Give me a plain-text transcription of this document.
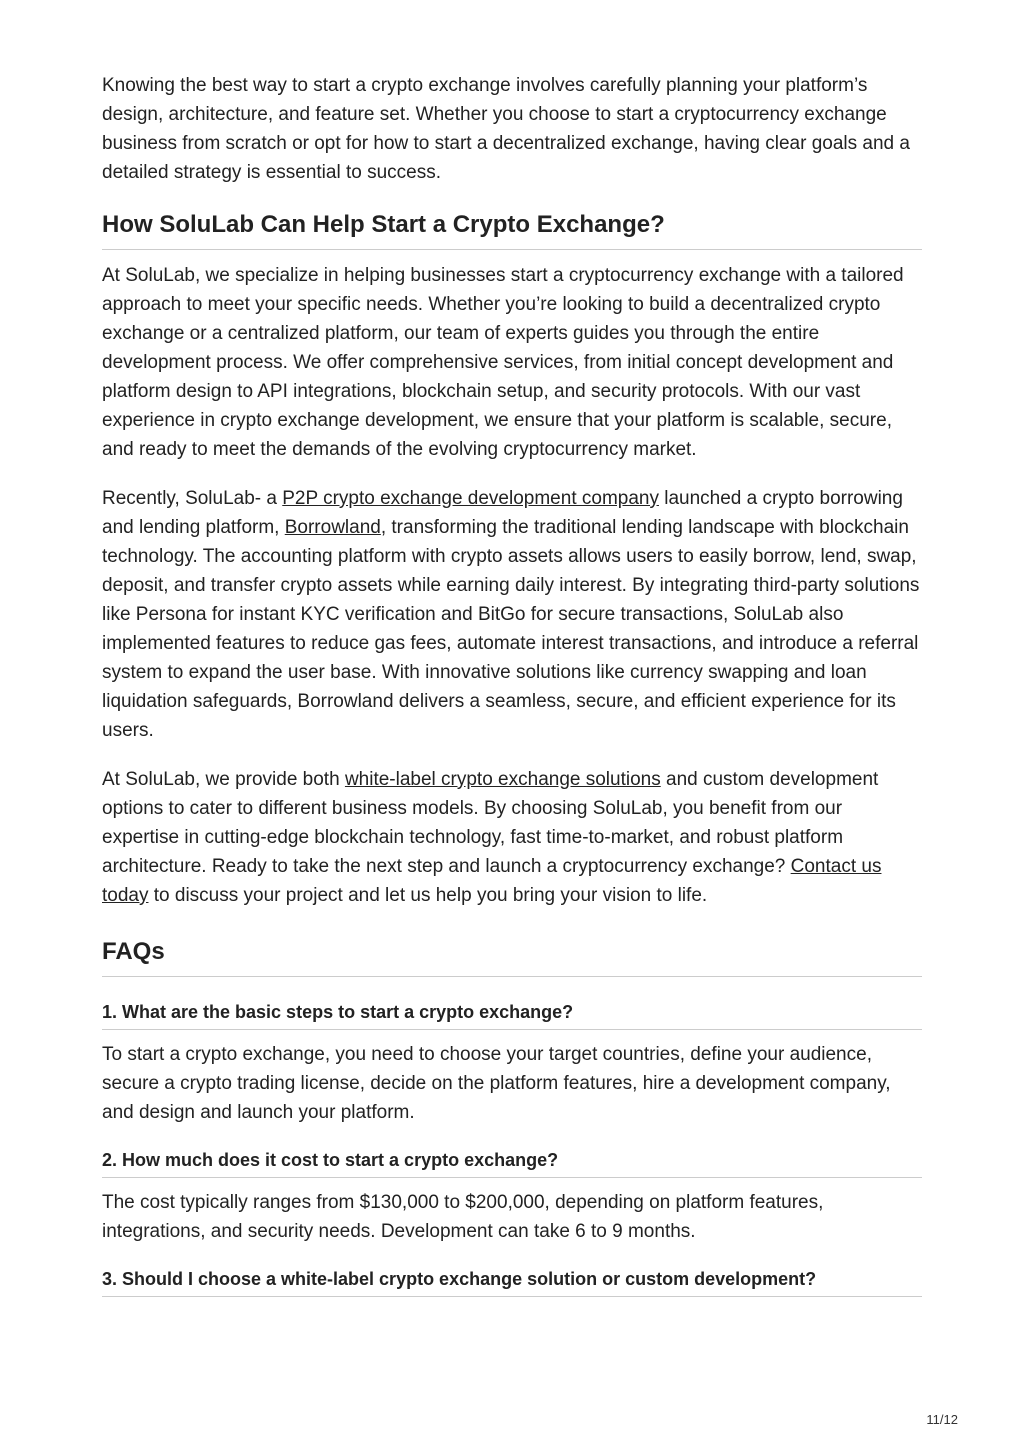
Knowing the best way to start a crypto exchange involves carefully planning your platform’s design, architecture, and feature set. Whether you choose to start a cryptocurrency exchange business from scratch or opt for how to start a decentralized exchange, having clear goals and a detailed strategy is essential to success.

How SoluLab Can Help Start a Crypto Exchange?

At SoluLab, we specialize in helping businesses start a cryptocurrency exchange with a tailored approach to meet your specific needs. Whether you’re looking to build a decentralized crypto exchange or a centralized platform, our team of experts guides you through the entire development process. We offer comprehensive services, from initial concept development and platform design to API integrations, blockchain setup, and security protocols. With our vast experience in crypto exchange development, we ensure that your platform is scalable, secure, and ready to meet the demands of the evolving cryptocurrency market.

Recently, SoluLab- a P2P crypto exchange development company launched a crypto borrowing and lending platform, Borrowland, transforming the traditional lending landscape with blockchain technology. The accounting platform with crypto assets allows users to easily borrow, lend, swap, deposit, and transfer crypto assets while earning daily interest. By integrating third-party solutions like Persona for instant KYC verification and BitGo for secure transactions, SoluLab also implemented features to reduce gas fees, automate interest transactions, and introduce a referral system to expand the user base. With innovative solutions like currency swapping and loan liquidation safeguards, Borrowland delivers a seamless, secure, and efficient experience for its users.

At SoluLab, we provide both white-label crypto exchange solutions and custom development options to cater to different business models. By choosing SoluLab, you benefit from our expertise in cutting-edge blockchain technology, fast time-to-market, and robust platform architecture. Ready to take the next step and launch a cryptocurrency exchange? Contact us today to discuss your project and let us help you bring your vision to life.

FAQs
1. What are the basic steps to start a crypto exchange?

To start a crypto exchange, you need to choose your target countries, define your audience, secure a crypto trading license, decide on the platform features, hire a development company, and design and launch your platform.

2. How much does it cost to start a crypto exchange?

The cost typically ranges from $130,000 to $200,000, depending on platform features, integrations, and security needs. Development can take 6 to 9 months.

3. Should I choose a white-label crypto exchange solution or custom development?
11/12
